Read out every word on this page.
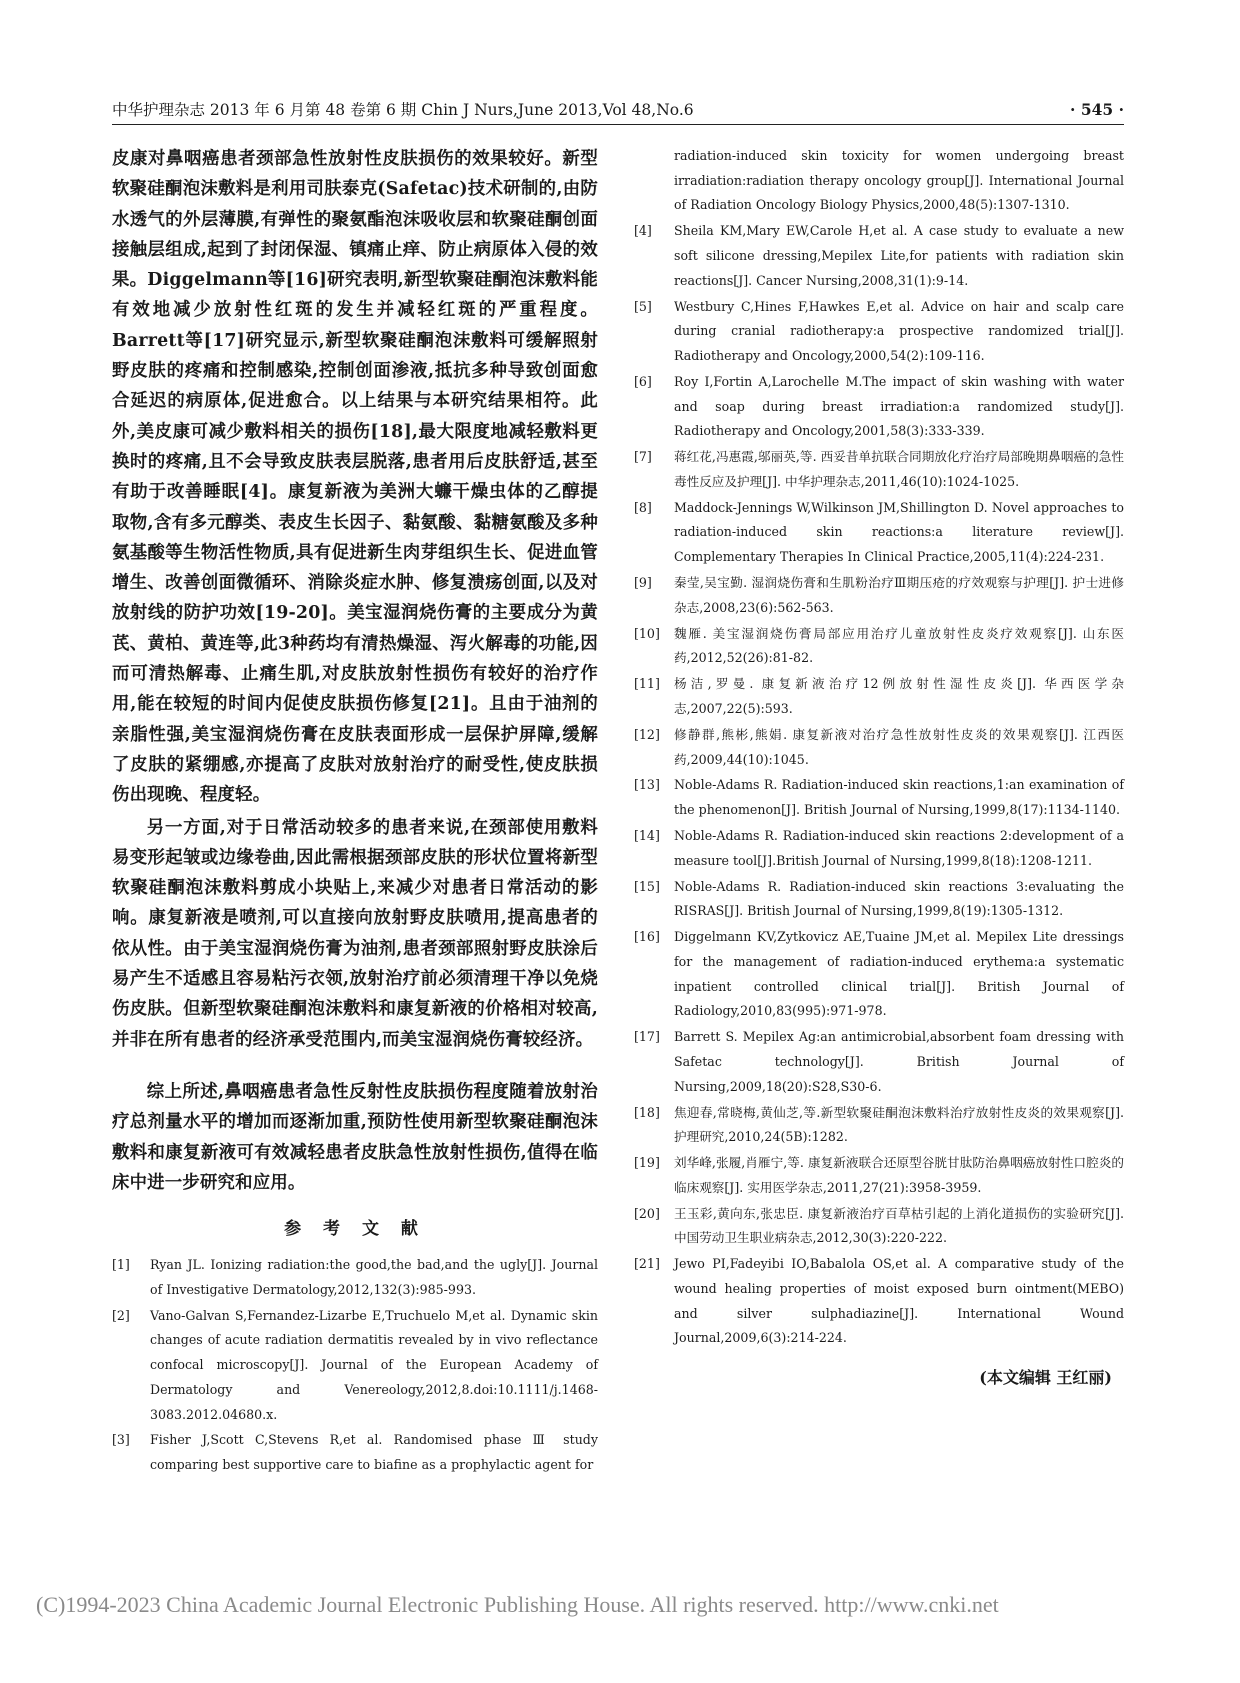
中华护理杂志 2013 年 6 月第 48 卷第 6 期 Chin J Nurs,June 2013,Vol 48,No.6	· 545 ·

皮康对鼻咽癌患者颈部急性放射性皮肤损伤的效果较好。新型软聚硅酮泡沫敷料是利用司肤泰克(Safetac)技术研制的,由防水透气的外层薄膜,有弹性的聚氨酯泡沫吸收层和软聚硅酮创面接触层组成,起到了封闭保湿、镇痛止痒、防止病原体入侵的效果。Diggelmann等[16]研究表明,新型软聚硅酮泡沫敷料能有效地减少放射性红斑的发生并减轻红斑的严重程度。Barrett等[17]研究显示,新型软聚硅酮泡沫敷料可缓解照射野皮肤的疼痛和控制感染,控制创面渗液,抵抗多种导致创面愈合延迟的病原体,促进愈合。以上结果与本研究结果相符。此外,美皮康可减少敷料相关的损伤[18],最大限度地减轻敷料更换时的疼痛,且不会导致皮肤表层脱落,患者用后皮肤舒适,甚至有助于改善睡眠[4]。康复新液为美洲大蠊干燥虫体的乙醇提取物,含有多元醇类、表皮生长因子、黏氨酸、黏糖氨酸及多种氨基酸等生物活性物质,具有促进新生肉芽组织生长、促进血管增生、改善创面微循环、消除炎症水肿、修复溃疡创面,以及对放射线的防护功效[19-20]。美宝湿润烧伤膏的主要成分为黄芪、黄柏、黄连等,此3种药均有清热燥湿、泻火解毒的功能,因而可清热解毒、止痛生肌,对皮肤放射性损伤有较好的治疗作用,能在较短的时间内促使皮肤损伤修复[21]。且由于油剂的亲脂性强,美宝湿润烧伤膏在皮肤表面形成一层保护屏障,缓解了皮肤的紧绷感,亦提高了皮肤对放射治疗的耐受性,使皮肤损伤出现晚、程度轻。

另一方面,对于日常活动较多的患者来说,在颈部使用敷料易变形起皱或边缘卷曲,因此需根据颈部皮肤的形状位置将新型软聚硅酮泡沫敷料剪成小块贴上,来减少对患者日常活动的影响。康复新液是喷剂,可以直接向放射野皮肤喷用,提高患者的依从性。由于美宝湿润烧伤膏为油剂,患者颈部照射野皮肤涂后易产生不适感且容易粘污衣领,放射治疗前必须清理干净以免烧伤皮肤。但新型软聚硅酮泡沫敷料和康复新液的价格相对较高,并非在所有患者的经济承受范围内,而美宝湿润烧伤膏较经济。

综上所述,鼻咽癌患者急性反射性皮肤损伤程度随着放射治疗总剂量水平的增加而逐渐加重,预防性使用新型软聚硅酮泡沫敷料和康复新液可有效减轻患者皮肤急性放射性损伤,值得在临床中进一步研究和应用。

参 考 文 献
[1] Ryan JL. Ionizing radiation:the good,the bad,and the ugly[J]. Journal of Investigative Dermatology,2012,132(3):985-993.
[2] Vano-Galvan S,Fernandez-Lizarbe E,Truchuelo M,et al. Dynamic skin changes of acute radiation dermatitis revealed by in vivo reflectance confocal microscopy[J]. Journal of the European Academy of Dermatology and Venereology,2012,8.doi:10.1111/j.1468- 3083.2012.04680.x.
[3] Fisher J,Scott C,Stevens R,et al. Randomised phase Ⅲ study comparing best supportive care to biafine as a prophylactic agent for
radiation-induced skin toxicity for women undergoing breast irradiation:radiation therapy oncology group[J]. International Journal of Radiation Oncology Biology Physics,2000,48(5):1307-1310.
[4] Sheila KM,Mary EW,Carole H,et al. A case study to evaluate a new soft silicone dressing,Mepilex Lite,for patients with radiation skin reactions[J]. Cancer Nursing,2008,31(1):9-14.
[5] Westbury C,Hines F,Hawkes E,et al. Advice on hair and scalp care during cranial radiotherapy:a prospective randomized trial[J]. Radiotherapy and Oncology,2000,54(2):109-116.
[6] Roy I,Fortin A,Larochelle M.The impact of skin washing with water and soap during breast irradiation:a randomized study[J]. Radiotherapy and Oncology,2001,58(3):333-339.
[7] 蒋红花,冯惠霞,邬丽英,等. 西妥昔单抗联合同期放化疗治疗局部晚期鼻咽癌的急性毒性反应及护理[J]. 中华护理杂志,2011,46(10):1024-1025.
[8] Maddock-Jennings W,Wilkinson JM,Shillington D. Novel approaches to radiation-induced skin reactions:a literature review[J]. Complementary Therapies In Clinical Practice,2005,11(4):224-231.
[9] 秦莹,吴宝勤. 湿润烧伤膏和生肌粉治疗Ⅲ期压疮的疗效观察与护理[J]. 护士进修杂志,2008,23(6):562-563.
[10] 魏雁. 美宝湿润烧伤膏局部应用治疗儿童放射性皮炎疗效观察[J]. 山东医药,2012,52(26):81-82.
[11] 杨洁,罗曼. 康复新液治疗12例放射性湿性皮炎[J]. 华西医学杂志,2007,22(5):593.
[12] 修静群,熊彬,熊娟. 康复新液对治疗急性放射性皮炎的效果观察[J]. 江西医药,2009,44(10):1045.
[13] Noble-Adams R. Radiation-induced skin reactions,1:an examination of the phenomenon[J]. British Journal of Nursing,1999,8(17):1134-1140.
[14] Noble-Adams R. Radiation-induced skin reactions 2:development of a measure tool[J].British Journal of Nursing,1999,8(18):1208-1211.
[15] Noble-Adams R. Radiation-induced skin reactions 3:evaluating the RISRAS[J]. British Journal of Nursing,1999,8(19):1305-1312.
[16] Diggelmann KV,Zytkovicz AE,Tuaine JM,et al. Mepilex Lite dressings for the management of radiation-induced erythema:a systematic inpatient controlled clinical trial[J]. British Journal of Radiology,2010,83(995):971-978.
[17] Barrett S. Mepilex Ag:an antimicrobial,absorbent foam dressing with Safetac technology[J]. British Journal of Nursing,2009,18(20):S28,S30-6.
[18] 焦迎春,常晓梅,黄仙芝,等.新型软聚硅酮泡沫敷料治疗放射性皮炎的效果观察[J]. 护理研究,2010,24(5B):1282.
[19] 刘华峰,张履,肖雁宁,等. 康复新液联合还原型谷胱甘肽防治鼻咽癌放射性口腔炎的临床观察[J]. 实用医学杂志,2011,27(21):3958-3959.
[20] 王玉彩,黄向东,张忠臣. 康复新液治疗百草枯引起的上消化道损伤的实验研究[J].中国劳动卫生职业病杂志,2012,30(3):220-222.
[21] Jewo PI,Fadeyibi IO,Babalola OS,et al. A comparative study of the wound healing properties of moist exposed burn ointment(MEBO) and silver sulphadiazine[J]. International Wound Journal,2009,6(3):214-224.
(本文编辑 王红丽)
(C)1994-2023 China Academic Journal Electronic Publishing House. All rights reserved. http://www.cnki.net
